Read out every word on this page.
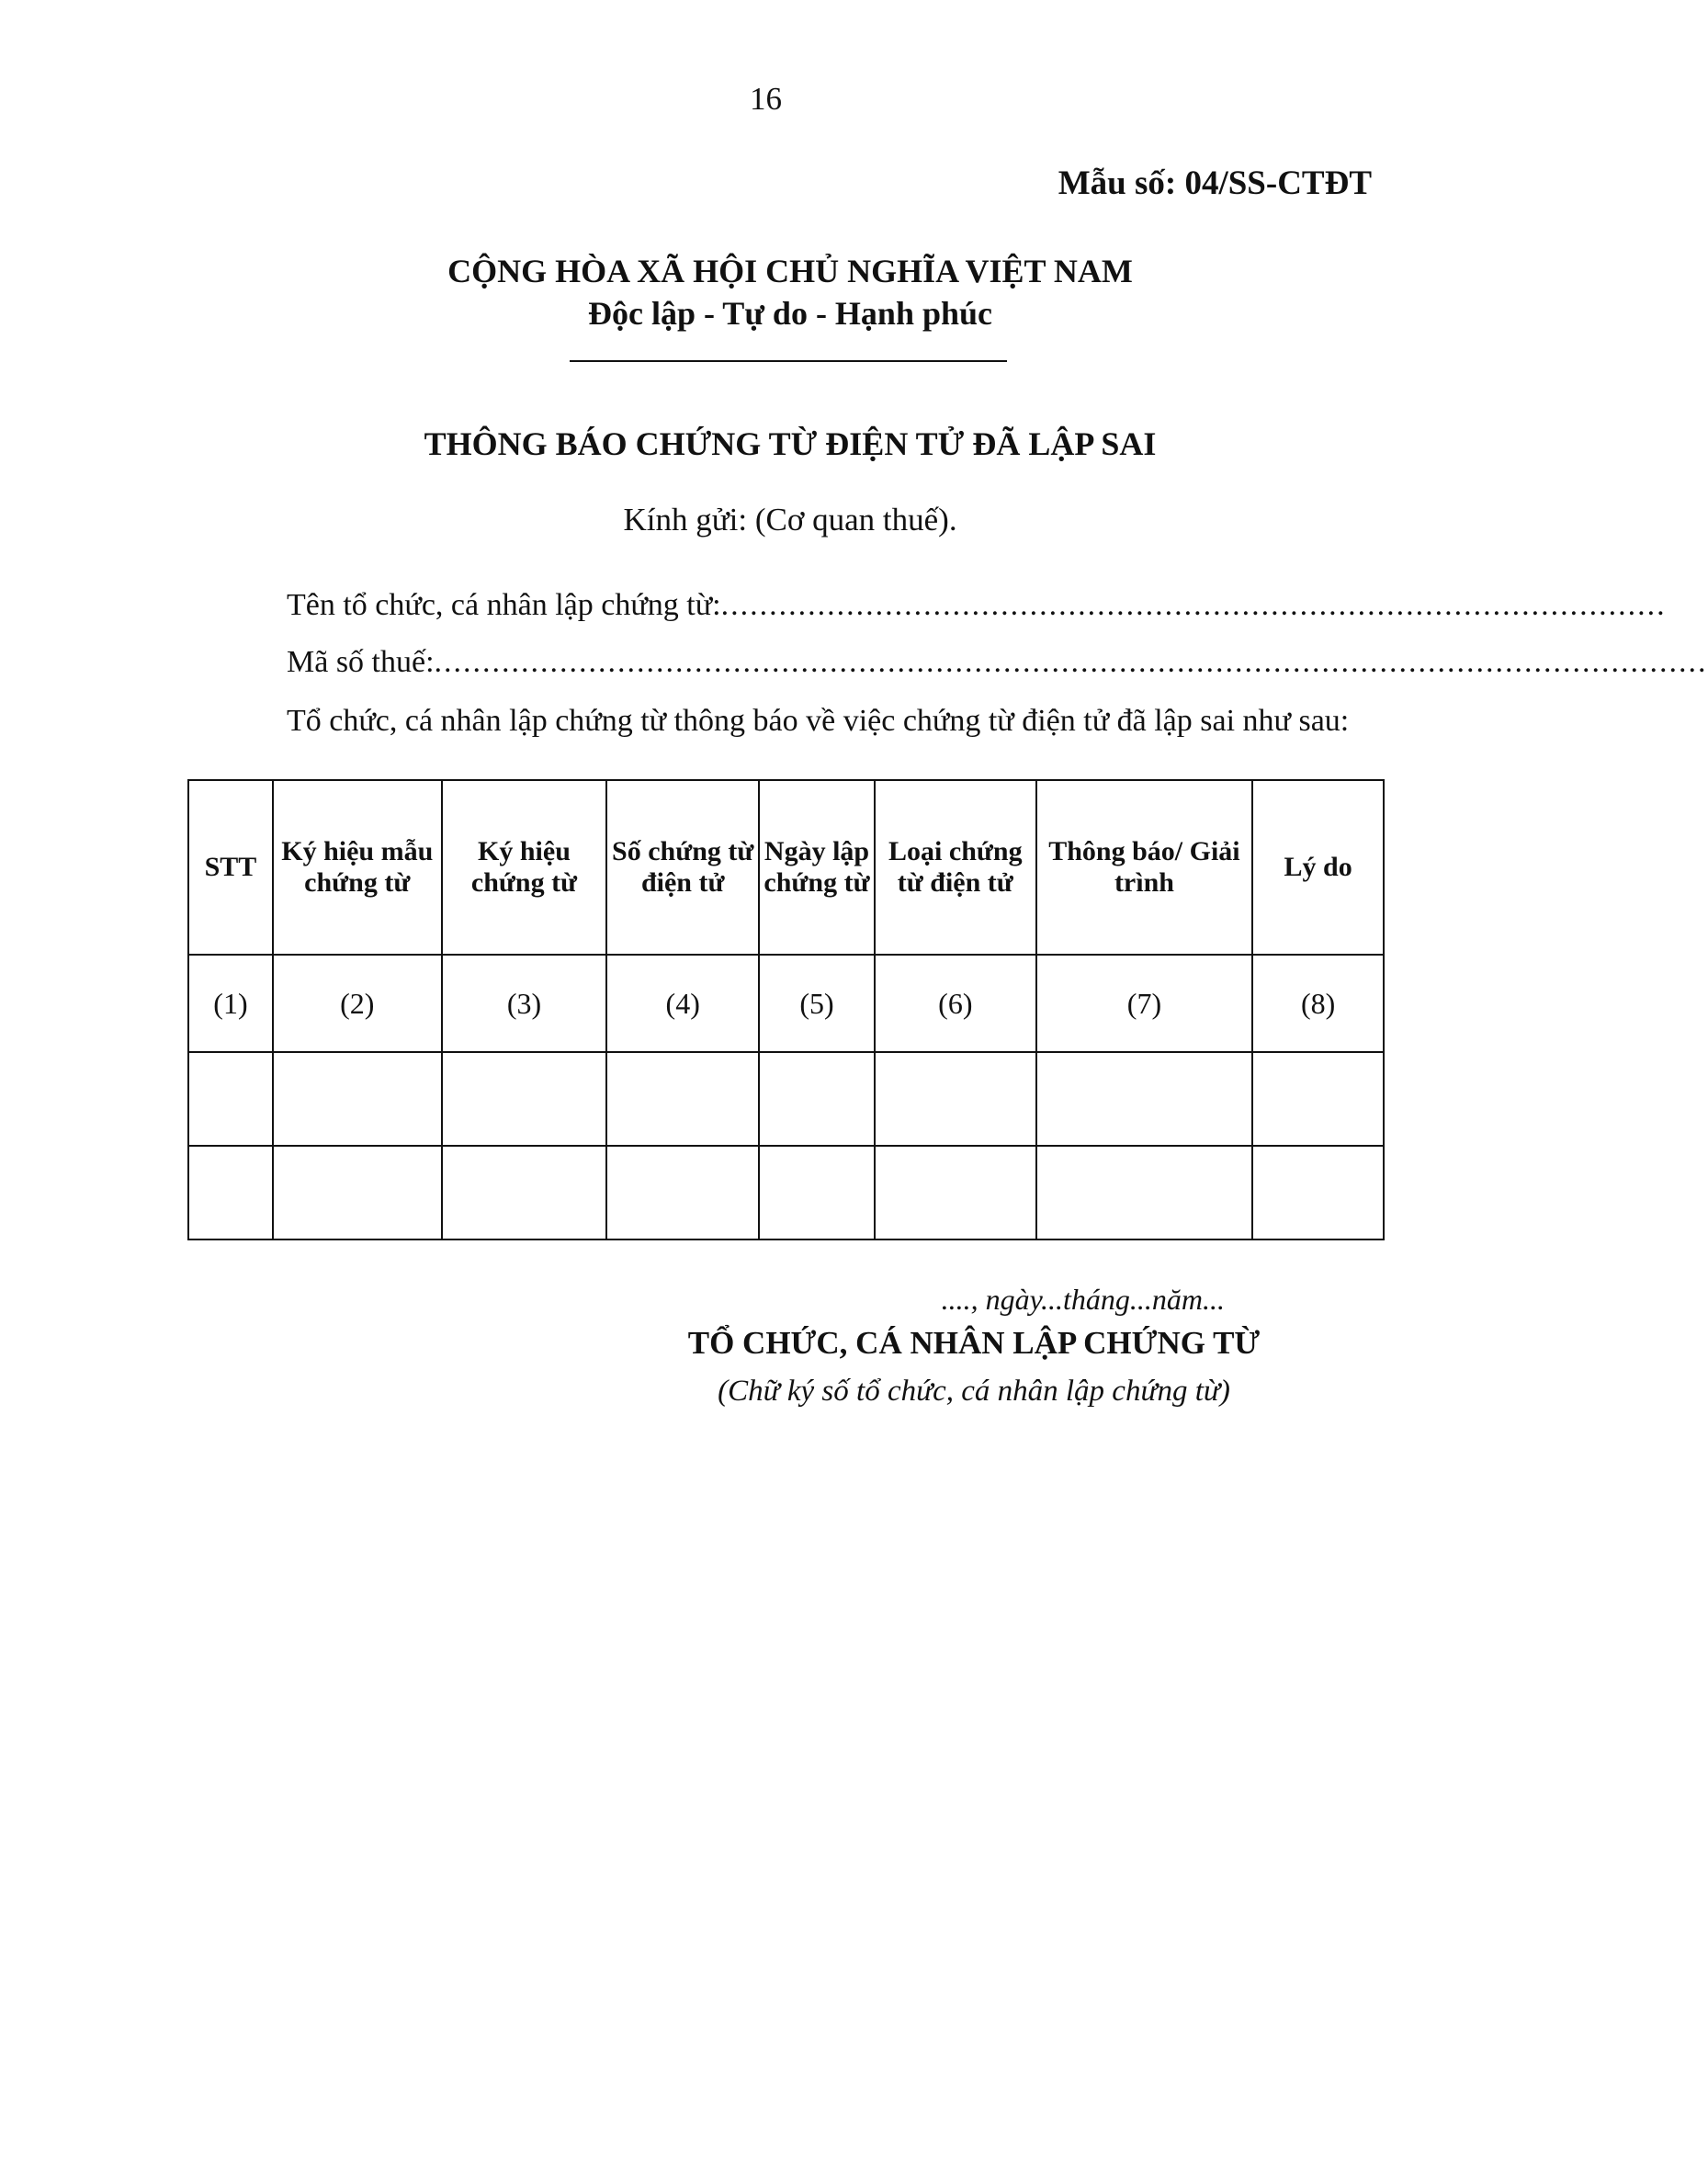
16
Mẫu số: 04/SS-CTĐT
CỘNG HÒA XÃ HỘI CHỦ NGHĨA VIỆT NAM
Độc lập - Tự do - Hạnh phúc
THÔNG BÁO CHỨNG TỪ ĐIỆN TỬ ĐÃ LẬP SAI
Kính gửi: (Cơ quan thuế).
Tên tổ chức, cá nhân lập chứng từ:..................................................................................................
Mã số thuế:....................................................................................................................................
Tổ chức, cá nhân lập chứng từ thông báo về việc chứng từ điện tử đã lập sai như sau:
STT	Ký hiệu mẫu chứng từ	Ký hiệu chứng từ	Số chứng từ điện tử	Ngày lập chứng từ	Loại chứng từ điện tử	Thông báo/ Giải trình	Lý do
(1)	(2)	(3)	(4)	(5)	(6)	(7)	(8)

...., ngày...tháng...năm...
TỔ CHỨC, CÁ NHÂN LẬP CHỨNG TỪ
(Chữ ký số tổ chức, cá nhân lập chứng từ)
